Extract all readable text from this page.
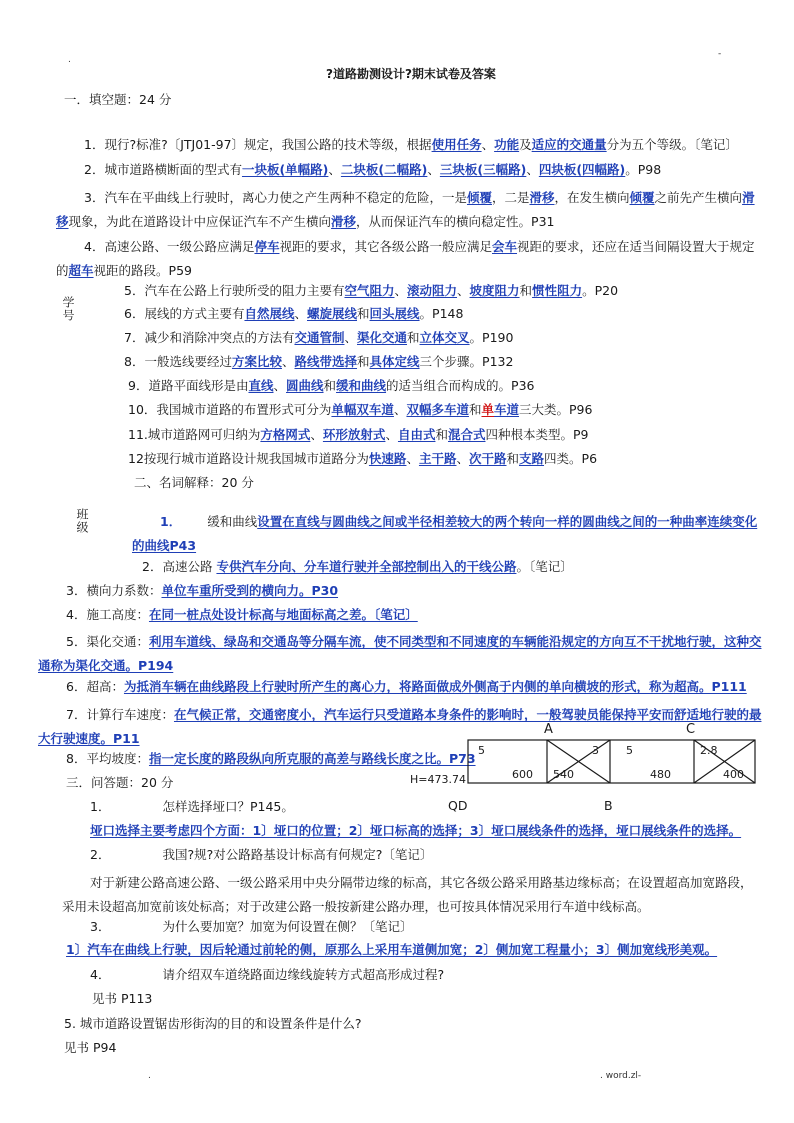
-
.
?道路勘测设计?期末试卷及答案
学号
班级
一．填空题：24 分
1．现行?标准?〔JTJ01-97〕规定，我国公路的技术等级，根据使用任务、功能及适应的交通量分为五个等级。〔笔记〕
2．城市道路横断面的型式有一块板(单幅路)、二块板(二幅路)、三块板(三幅路)、四块板(四幅路)。P98
3．汽车在平曲线上行驶时，离心力使之产生两种不稳定的危险，一是倾覆，二是滑移，在发生横向倾覆之前先产生横向滑移现象，为此在道路设计中应保证汽车不产生横向滑移，从而保证汽车的横向稳定性。P31
4．高速公路、一级公路应满足停车视距的要求，其它各级公路一般应满足会车视距的要求，还应在适当间隔设置大于规定的超车视距的路段。P59
5．汽车在公路上行驶所受的阻力主要有空气阻力、滚动阻力、坡度阻力和惯性阻力。P20
6．展线的方式主要有自然展线、螺旋展线和回头展线。P148
7．减少和消除冲突点的方法有交通管制、渠化交通和立体交叉。P190
8．一般选线要经过方案比较、路线带选择和具体定线三个步骤。P132
9．道路平面线形是由直线、圆曲线和缓和曲线的适当组合而构成的。P36
10．我国城市道路的布置形式可分为单幅双车道、双幅多车道和单车道三大类。P96
11.城市道路网可归纳为方格网式、环形放射式、自由式和混合式四种根本类型。P9
12按现行城市道路设计规我国城市道路分为快速路、主干路、次干路和支路四类。P6
二、名词解释：20 分
1． 缓和曲线设置在直线与圆曲线之间或半径相差较大的两个转向一样的圆曲线之间的一种曲率连续变化的曲线P43
2．高速公路 专供汽车分向、分车道行驶并全部控制出入的干线公路。〔笔记〕
3．横向力系数：单位车重所受到的横向力。P30
4．施工高度：在同一桩点处设计标高与地面标高之差。〔笔记〕
5．渠化交通：利用车道线、绿岛和交通岛等分隔车流，使不同类型和不同速度的车辆能沿规定的方向互不干扰地行驶，这种交通称为渠化交通。P194
6．超高：为抵消车辆在曲线路段上行驶时所产生的离心力，将路面做成外侧高于内侧的单向横坡的形式，称为超高。P111
7．计算行车速度：在气候正常，交通密度小，汽车运行只受道路本身条件的影响时，一般驾驶员能保持平安而舒适地行驶的最大行驶速度。P11
8．平均坡度：指一定长度的路段纵向所克服的高差与路线长度之比。P73
三．问答题：20 分
A	C
H=473.74
5	3 5	2.8
600 540	480	400
QD	B
1．	怎样选择垭口？P145。
垭口选择主要考虑四个方面：1〕垭口的位置；2〕垭口标高的选择；3〕垭口展线条件的选择，垭口展线条件的选择。
2．	我国?规?对公路路基设计标高有何规定?〔笔记〕
对于新建公路高速公路、一级公路采用中央分隔带边缘的标高，其它各级公路采用路基边缘标高；在设置超高加宽路段，采用未设超高加宽前该处标高；对于改建公路一般按新建公路办理，也可按具体情况采用行车道中线标高。
3．	为什么要加宽？加宽为何设置在侧？〔笔记〕
1〕汽车在曲线上行驶，因后轮通过前轮的侧，原那么上采用车道侧加宽；2〕侧加宽工程量小；3〕侧加宽线形美观。
4．	请介绍双车道绕路面边缘线旋转方式超高形成过程?
见书 P113
5. 城市道路设置锯齿形街沟的目的和设置条件是什么?
见书 P94
.	. word.zl-
